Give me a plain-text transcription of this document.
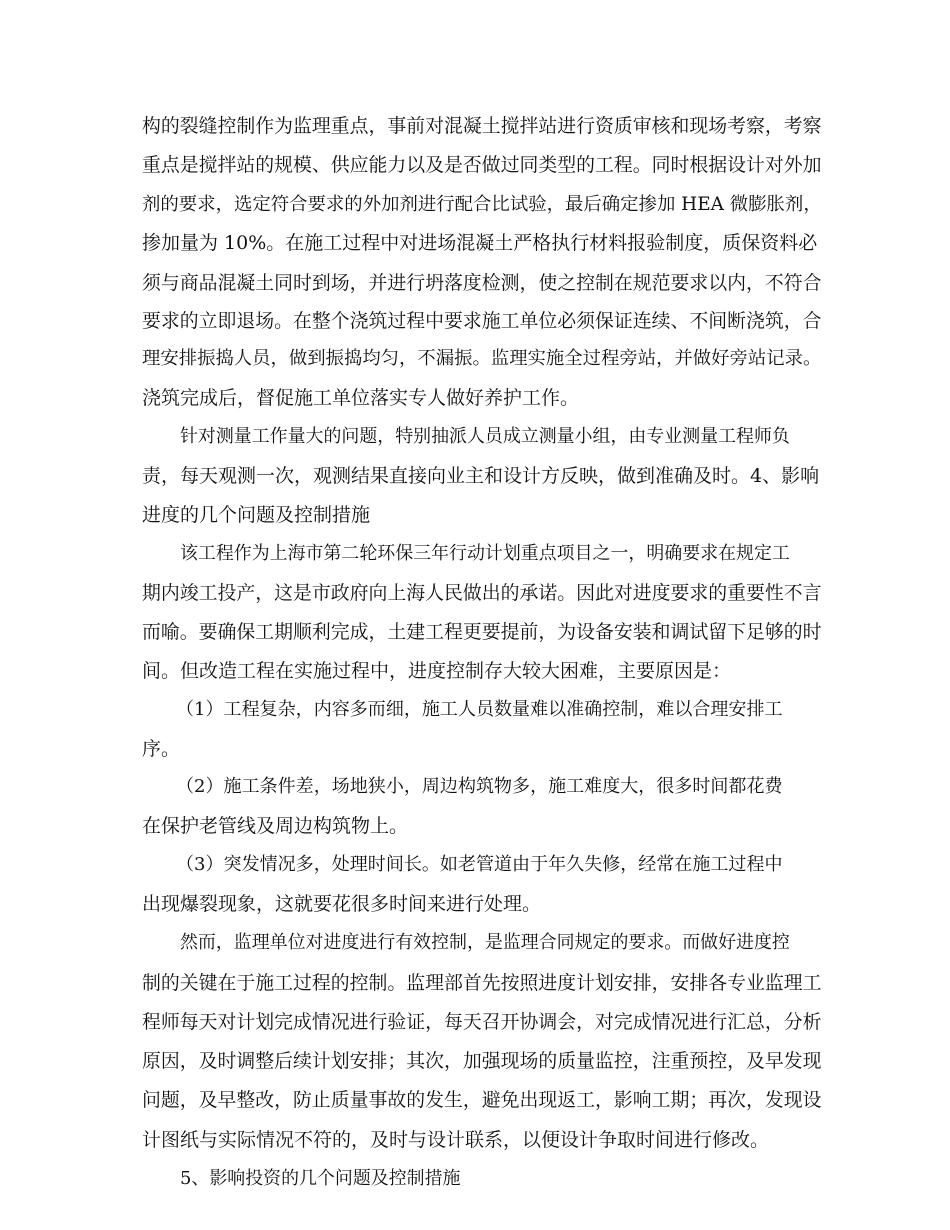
构的裂缝控制作为监理重点，事前对混凝土搅拌站进行资质审核和现场考察，考察
重点是搅拌站的规模、供应能力以及是否做过同类型的工程。同时根据设计对外加
剂的要求，选定符合要求的外加剂进行配合比试验，最后确定掺加 HEA 微膨胀剂，
掺加量为 10%。在施工过程中对进场混凝土严格执行材料报验制度，质保资料必
须与商品混凝土同时到场，并进行坍落度检测，使之控制在规范要求以内，不符合
要求的立即退场。在整个浇筑过程中要求施工单位必须保证连续、不间断浇筑，合
理安排振捣人员，做到振捣均匀，不漏振。监理实施全过程旁站，并做好旁站记录。
浇筑完成后，督促施工单位落实专人做好养护工作。
针对测量工作量大的问题，特别抽派人员成立测量小组，由专业测量工程师负
责，每天观测一次，观测结果直接向业主和设计方反映，做到准确及时。4、影响
进度的几个问题及控制措施
该工程作为上海市第二轮环保三年行动计划重点项目之一，明确要求在规定工
期内竣工投产，这是市政府向上海人民做出的承诺。因此对进度要求的重要性不言
而喻。要确保工期顺利完成，土建工程更要提前，为设备安装和调试留下足够的时
间。但改造工程在实施过程中，进度控制存大较大困难，主要原因是：
（1）工程复杂，内容多而细，施工人员数量难以准确控制，难以合理安排工
序。
（2）施工条件差，场地狭小，周边构筑物多，施工难度大，很多时间都花费
在保护老管线及周边构筑物上。
（3）突发情况多，处理时间长。如老管道由于年久失修，经常在施工过程中
出现爆裂现象，这就要花很多时间来进行处理。
然而，监理单位对进度进行有效控制，是监理合同规定的要求。而做好进度控
制的关键在于施工过程的控制。监理部首先按照进度计划安排，安排各专业监理工
程师每天对计划完成情况进行验证，每天召开协调会，对完成情况进行汇总，分析
原因，及时调整后续计划安排；其次，加强现场的质量监控，注重预控，及早发现
问题，及早整改，防止质量事故的发生，避免出现返工，影响工期；再次，发现设
计图纸与实际情况不符的，及时与设计联系，以便设计争取时间进行修改。
5、影响投资的几个问题及控制措施
